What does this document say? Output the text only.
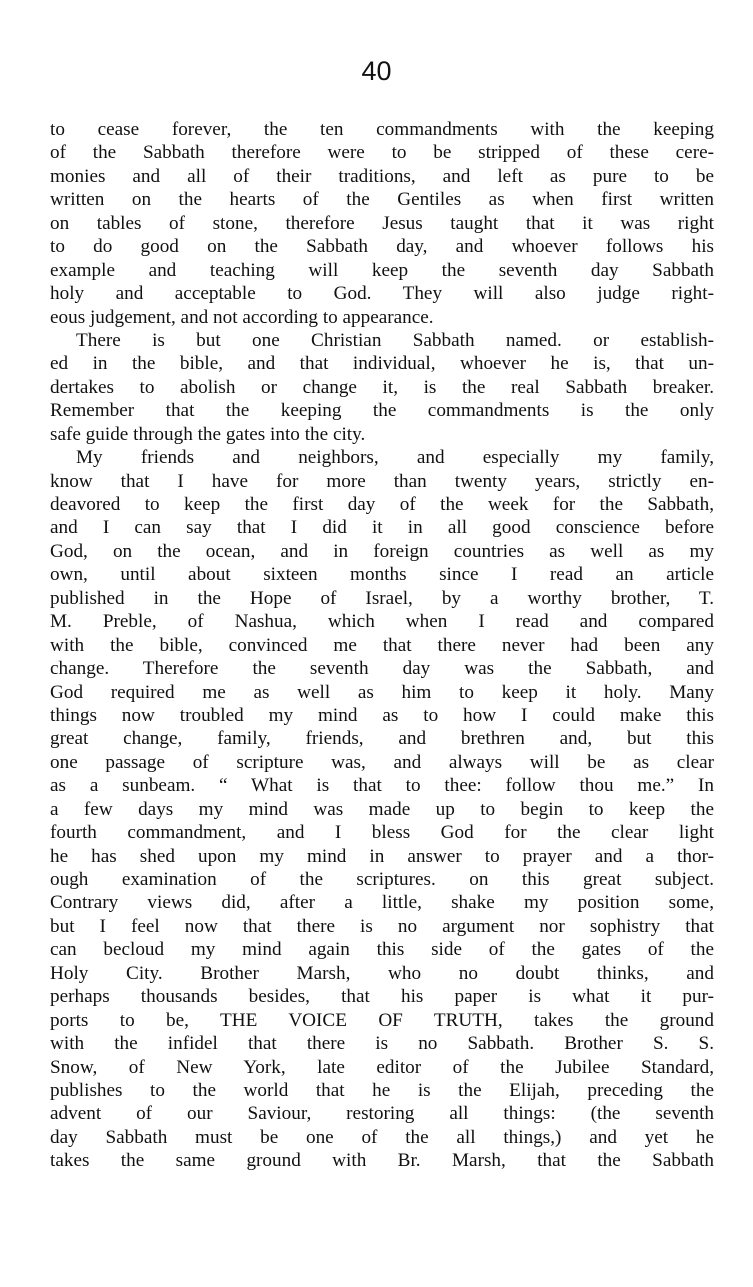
40
to cease forever, the ten commandments with the keeping
of the Sabbath therefore were to be stripped of these cere-
monies and all of their traditions, and left as pure to be
written on the hearts of the Gentiles as when first written
on tables of stone, therefore Jesus taught that it was right
to do good on the Sabbath day, and whoever follows his
example and teaching will keep the seventh day Sabbath
holy and acceptable to God. They will also judge right-
eous judgement, and not according to appearance.
There is but one Christian Sabbath named. or establish-
ed in the bible, and that individual, whoever he is, that un-
dertakes to abolish or change it, is the real Sabbath breaker.
Remember that the keeping the commandments is the only
safe guide through the gates into the city.
My friends and neighbors, and especially my family,
know that I have for more than twenty years, strictly en-
deavored to keep the first day of the week for the Sabbath,
and I can say that I did it in all good conscience before
God, on the ocean, and in foreign countries as well as my
own, until about sixteen months since I read an article
published in the Hope of Israel, by a worthy brother, T.
M. Preble, of Nashua, which when I read and compared
with the bible, convinced me that there never had been any
change. Therefore the seventh day was the Sabbath, and
God required me as well as him to keep it holy. Many
things now troubled my mind as to how I could make this
great change, family, friends, and brethren and, but this
one passage of scripture was, and always will be as clear
as a sunbeam. “ What is that to thee: follow thou me.” In
a few days my mind was made up to begin to keep the
fourth commandment, and I bless God for the clear light
he has shed upon my mind in answer to prayer and a thor-
ough examination of the scriptures. on this great subject.
Contrary views did, after a little, shake my position some,
but I feel now that there is no argument nor sophistry that
can becloud my mind again this side of the gates of the
Holy City. Brother Marsh, who no doubt thinks, and
perhaps thousands besides, that his paper is what it pur-
ports to be, THE VOICE OF TRUTH, takes the ground
with the infidel that there is no Sabbath. Brother S. S.
Snow, of New York, late editor of the Jubilee Standard,
publishes to the world that he is the Elijah, preceding the
advent of our Saviour, restoring all things: (the seventh
day Sabbath must be one of the all things,) and yet he
takes the same ground with Br. Marsh, that the Sabbath
